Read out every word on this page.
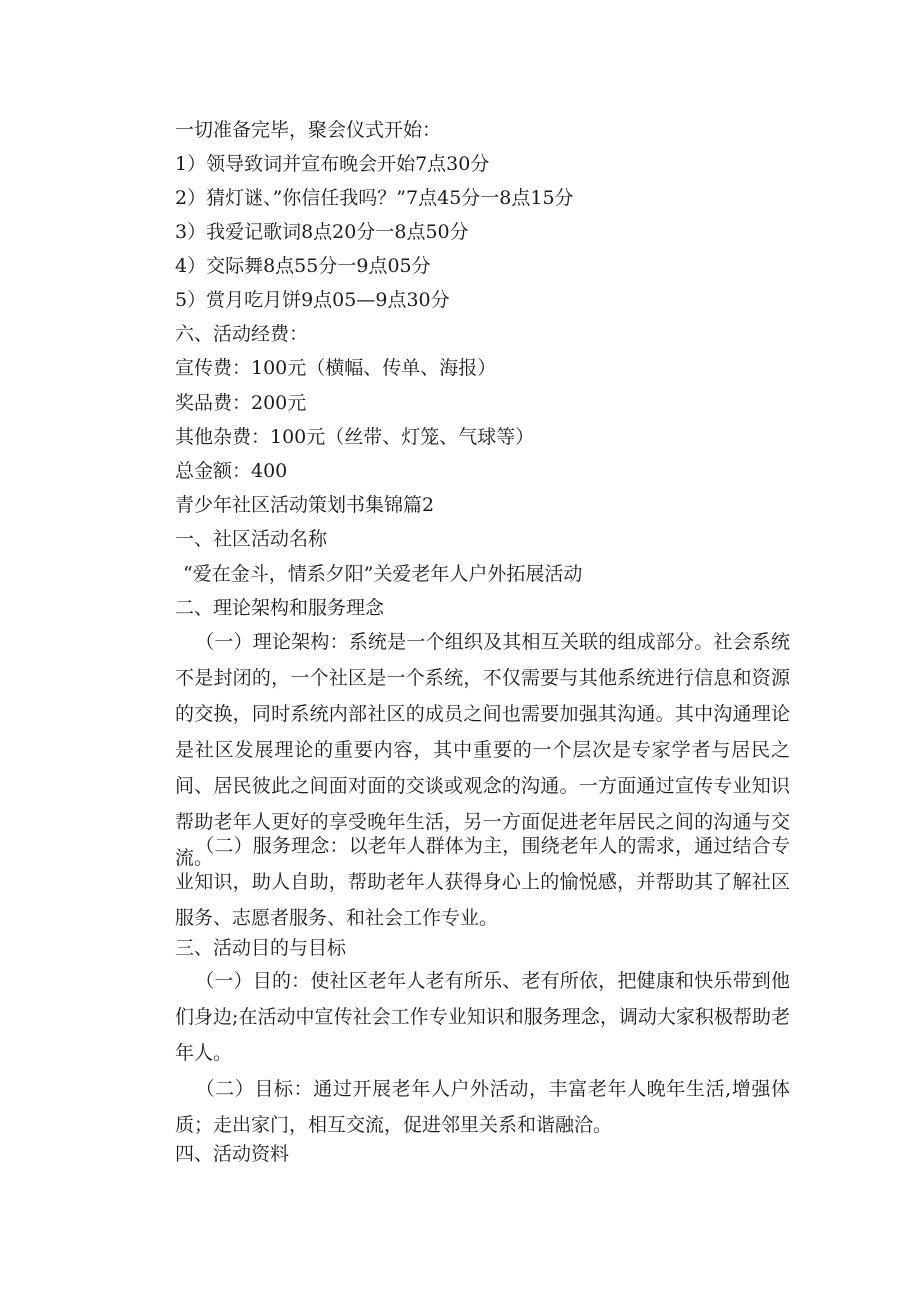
一切准备完毕，聚会仪式开始：
1）领导致词并宣布晚会开始7点30分
2）猜灯谜、”你信任我吗？”7点45分一8点15分
3）我爱记歌词8点20分一8点50分
4）交际舞8点55分一9点05分
5）赏月吃月饼9点05—9点30分
六、活动经费：
宣传费：100元（横幅、传单、海报）
奖品费：200元
其他杂费：100元（丝带、灯笼、气球等）
总金额：400
青少年社区活动策划书集锦篇2
一、社区活动名称
“爱在金斗，情系夕阳”关爱老年人户外拓展活动
二、理论架构和服务理念
（一）理论架构：系统是一个组织及其相互关联的组成部分。社会系统不是封闭的，一个社区是一个系统，不仅需要与其他系统进行信息和资源的交换，同时系统内部社区的成员之间也需要加强其沟通。其中沟通理论是社区发展理论的重要内容，其中重要的一个层次是专家学者与居民之间、居民彼此之间面对面的交谈或观念的沟通。一方面通过宣传专业知识帮助老年人更好的享受晚年生活，另一方面促进老年居民之间的沟通与交流。
（二）服务理念：以老年人群体为主，围绕老年人的需求，通过结合专业知识，助人自助，帮助老年人获得身心上的愉悦感，并帮助其了解社区服务、志愿者服务、和社会工作专业。
三、活动目的与目标
（一）目的：使社区老年人老有所乐、老有所依，把健康和快乐带到他们身边;在活动中宣传社会工作专业知识和服务理念，调动大家积极帮助老年人。
（二）目标：通过开展老年人户外活动，丰富老年人晚年生活,增强体质；走出家门，相互交流，促进邻里关系和谐融洽。
四、活动资料
